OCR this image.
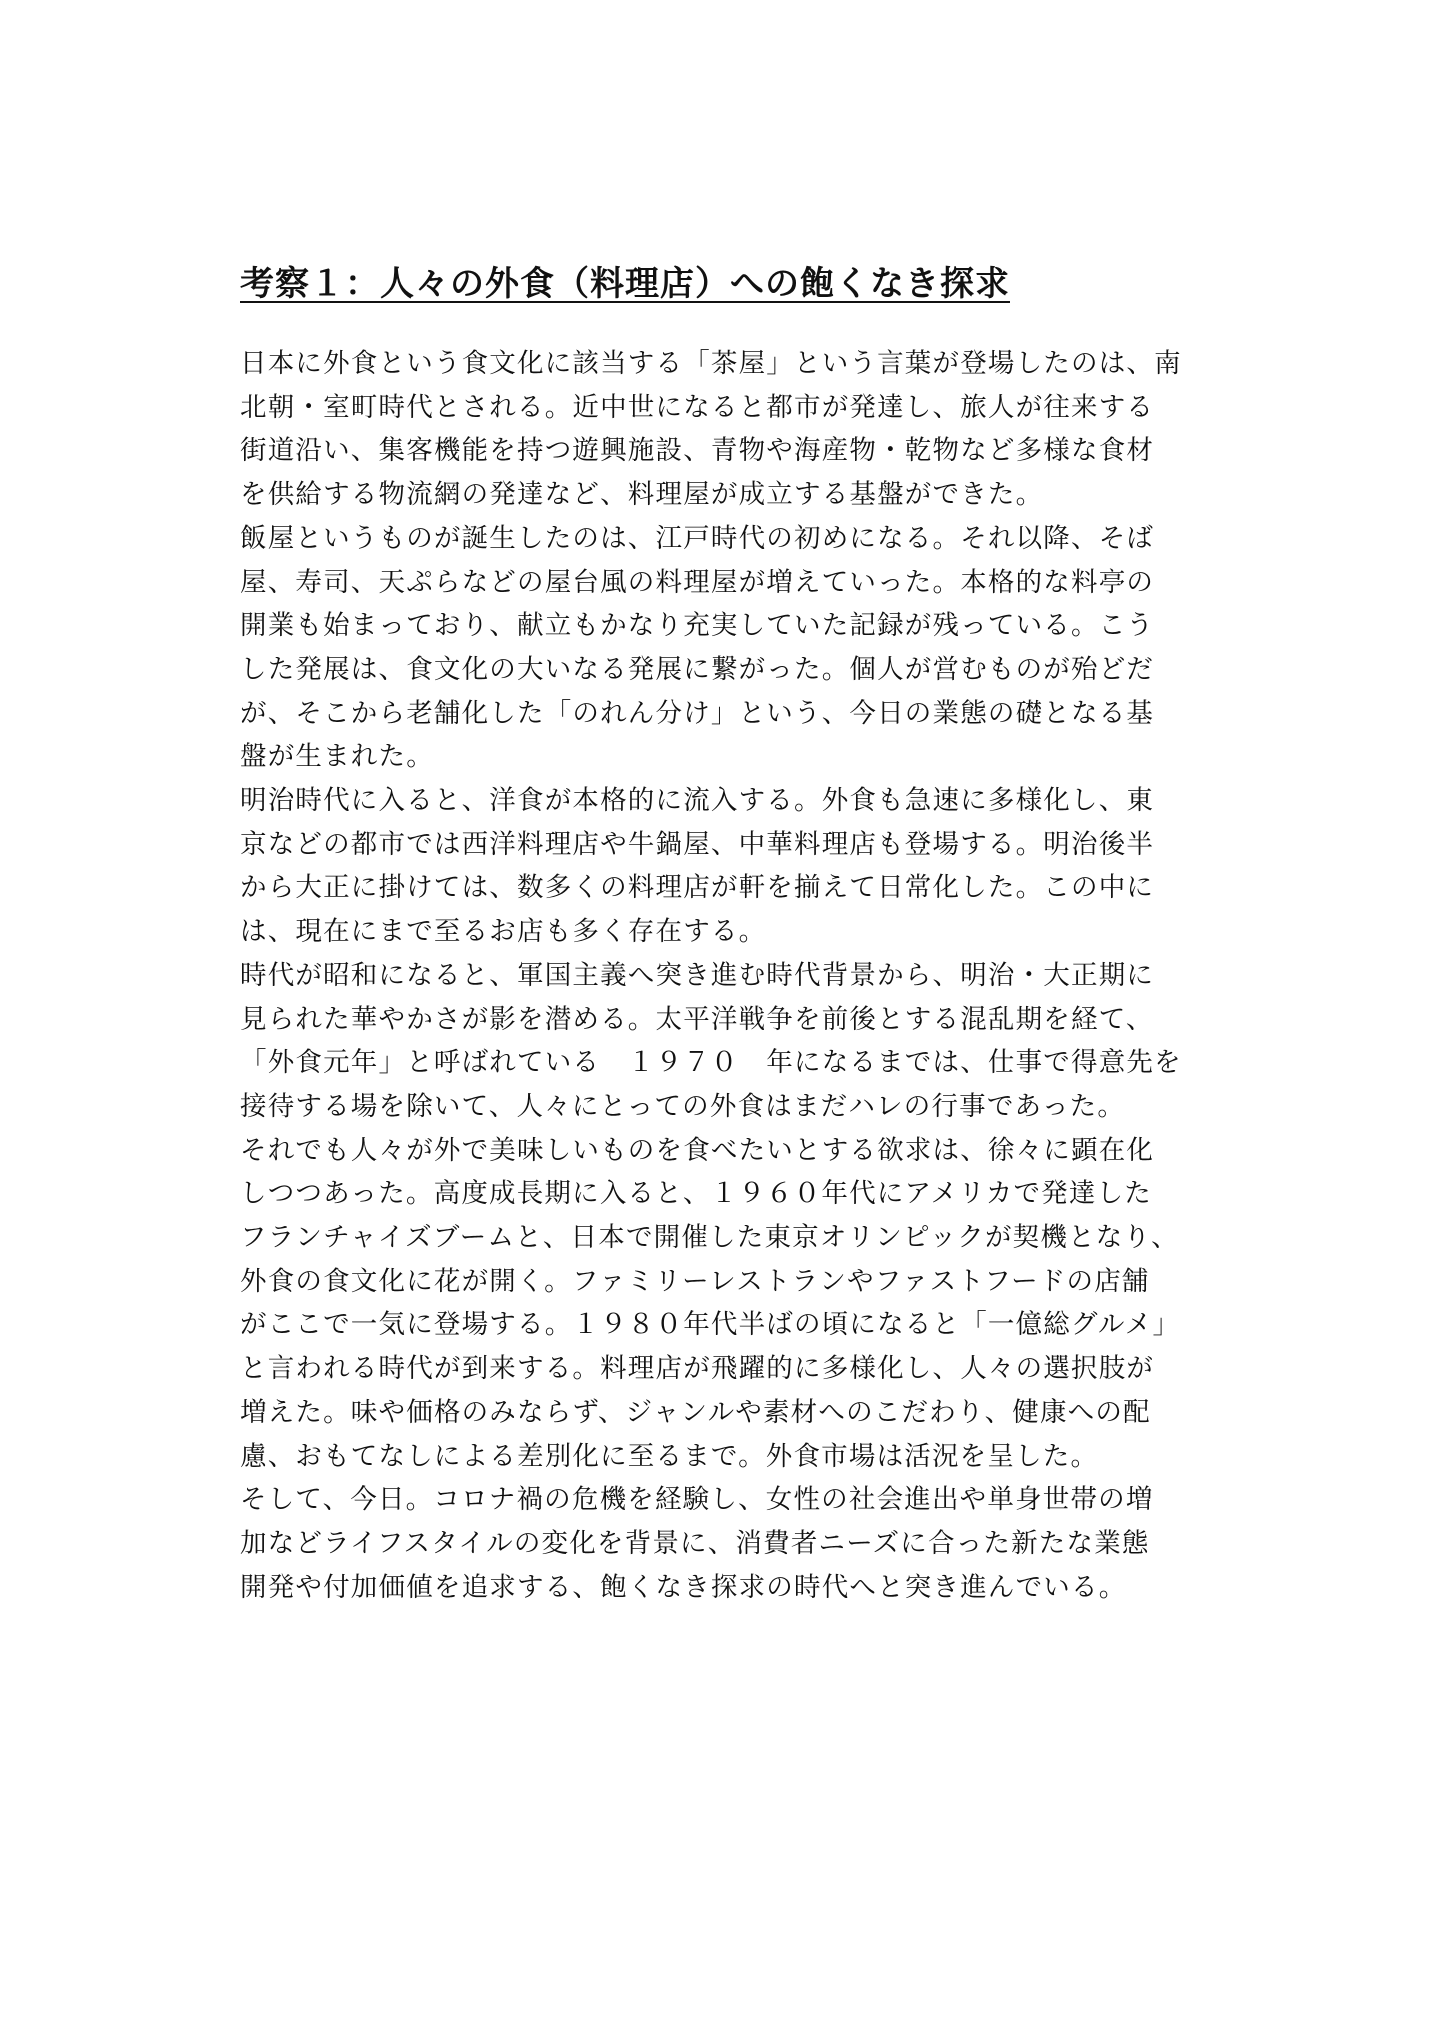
考察１：人々の外食（料理店）への飽くなき探求
日本に外食という食文化に該当する「茶屋」という言葉が登場したのは、南
北朝・室町時代とされる。近中世になると都市が発達し、旅人が往来する
街道沿い、集客機能を持つ遊興施設、青物や海産物・乾物など多様な食材
を供給する物流網の発達など、料理屋が成立する基盤ができた。
飯屋というものが誕生したのは、江戸時代の初めになる。それ以降、そば
屋、寿司、天ぷらなどの屋台風の料理屋が増えていった。本格的な料亭の
開業も始まっており、献立もかなり充実していた記録が残っている。こう
した発展は、食文化の大いなる発展に繋がった。個人が営むものが殆どだ
が、そこから老舗化した「のれん分け」という、今日の業態の礎となる基
盤が生まれた。
明治時代に入ると、洋食が本格的に流入する。外食も急速に多様化し、東
京などの都市では西洋料理店や牛鍋屋、中華料理店も登場する。明治後半
から大正に掛けては、数多くの料理店が軒を揃えて日常化した。この中に
は、現在にまで至るお店も多く存在する。
時代が昭和になると、軍国主義へ突き進む時代背景から、明治・大正期に
見られた華やかさが影を潜める。太平洋戦争を前後とする混乱期を経て、
「外食元年」と呼ばれている　１９７０　年になるまでは、仕事で得意先を
接待する場を除いて、人々にとっての外食はまだハレの行事であった。
それでも人々が外で美味しいものを食べたいとする欲求は、徐々に顕在化
しつつあった。高度成長期に入ると、１９６０年代にアメリカで発達した
フランチャイズブームと、日本で開催した東京オリンピックが契機となり、
外食の食文化に花が開く。ファミリーレストランやファストフードの店舗
がここで一気に登場する。１９８０年代半ばの頃になると「一億総グルメ」
と言われる時代が到来する。料理店が飛躍的に多様化し、人々の選択肢が
増えた。味や価格のみならず、ジャンルや素材へのこだわり、健康への配
慮、おもてなしによる差別化に至るまで。外食市場は活況を呈した。
そして、今日。コロナ禍の危機を経験し、女性の社会進出や単身世帯の増
加などライフスタイルの変化を背景に、消費者ニーズに合った新たな業態
開発や付加価値を追求する、飽くなき探求の時代へと突き進んでいる。
